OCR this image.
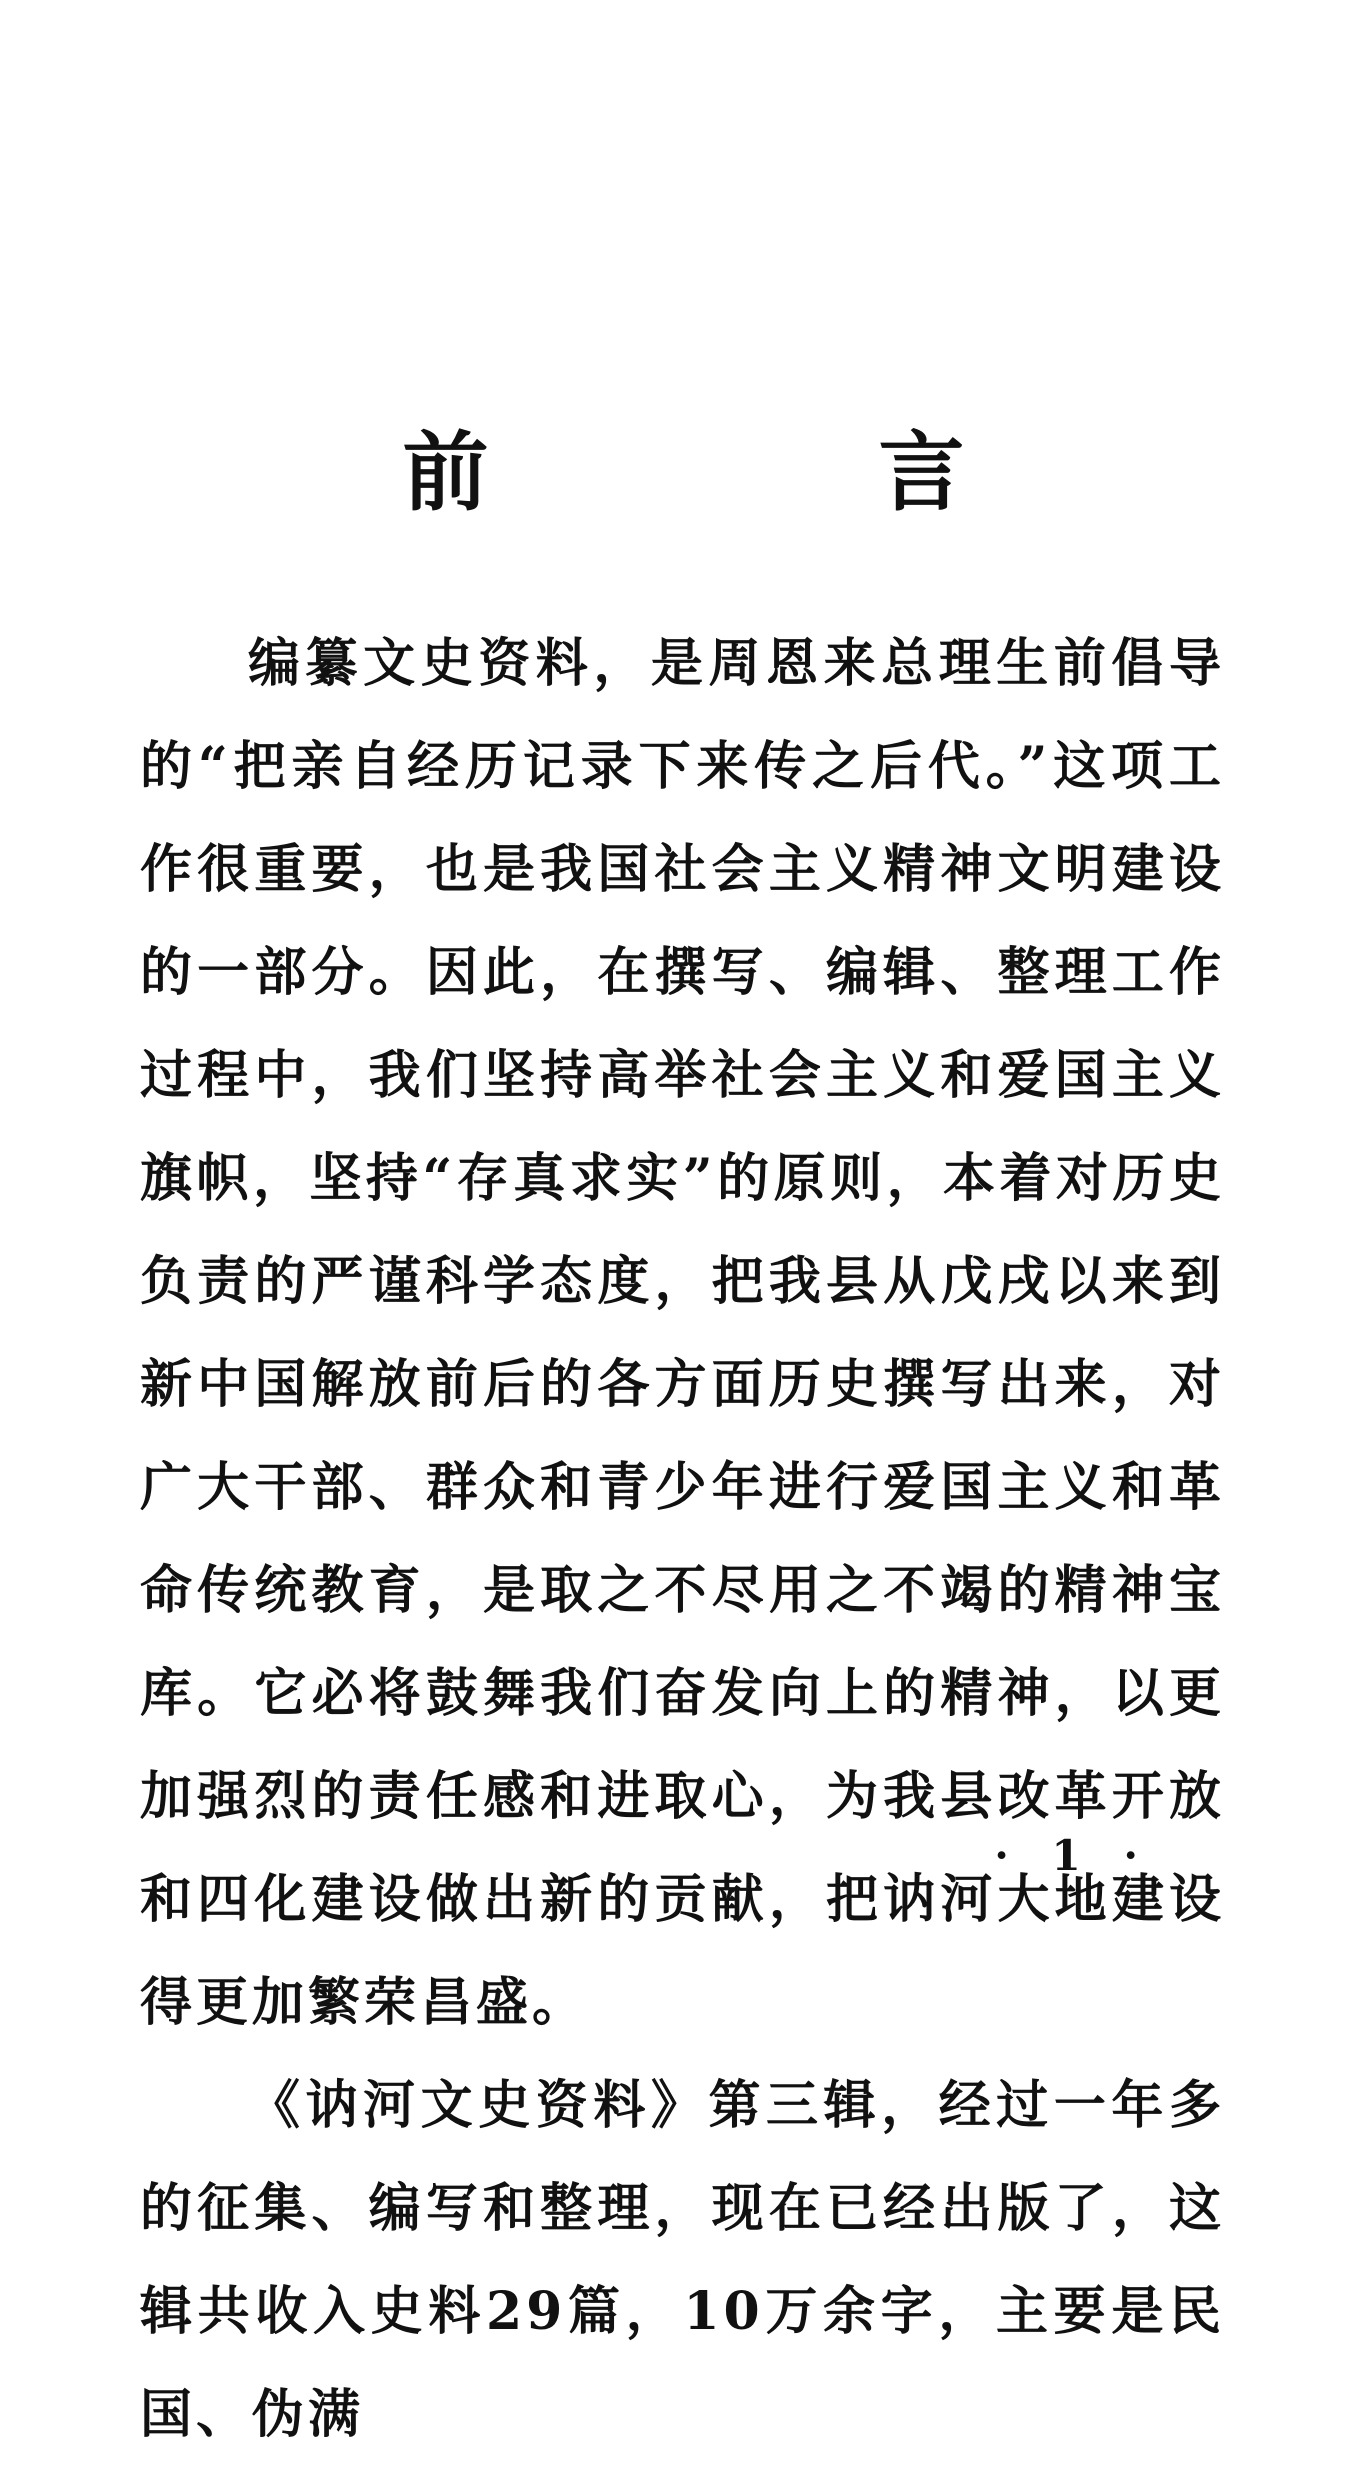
前 言

编纂文史资料，是周恩来总理生前倡导的“把亲自经历记录下来传之后代。”这项工作很重要，也是我国社会主义精神文明建设的一部分。因此，在撰写、编辑、整理工作过程中，我们坚持高举社会主义和爱国主义旗帜，坚持“存真求实”的原则，本着对历史负责的严谨科学态度，把我县从戊戌以来到新中国解放前后的各方面历史撰写出来，对广大干部、群众和青少年进行爱国主义和革命传统教育，是取之不尽用之不竭的精神宝库。它必将鼓舞我们奋发向上的精神，以更加强烈的责任感和进取心，为我县改革开放和四化建设做出新的贡献，把讷河大地建设得更加繁荣昌盛。

《讷河文史资料》第三辑，经过一年多的征集、编写和整理，现在已经出版了，这辑共收入史料29篇，10万余字，主要是民国、伪满

· 1 ·
